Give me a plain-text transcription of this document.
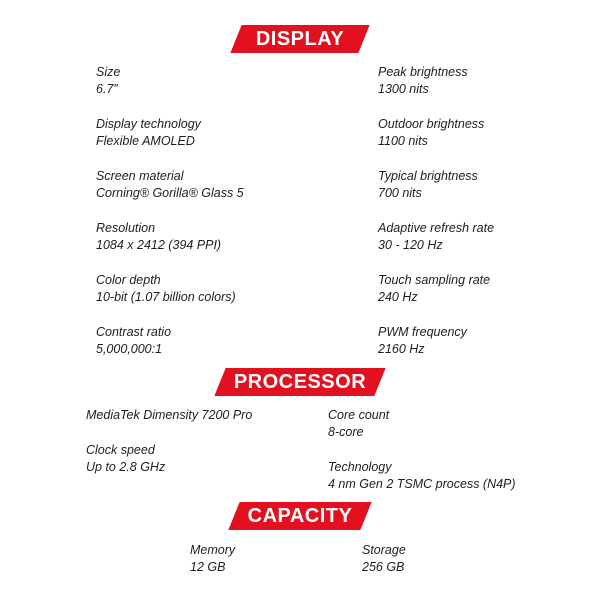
DISPLAY
Size
6.7”
Display technology
Flexible AMOLED
Screen material
Corning® Gorilla® Glass 5
Resolution
1084 x 2412 (394 PPI)
Color depth
10-bit (1.07 billion colors)
Contrast ratio
5,000,000:1
Peak brightness
1300 nits
Outdoor brightness
1100 nits
Typical brightness
700 nits
Adaptive refresh rate
30 - 120 Hz
Touch sampling rate
240 Hz
PWM frequency
2160 Hz
PROCESSOR
MediaTek Dimensity 7200 Pro
Clock speed
Up to 2.8 GHz
Core count
8-core
Technology
4 nm Gen 2 TSMC process (N4P)
CAPACITY
Memory
12 GB
Storage
256 GB
